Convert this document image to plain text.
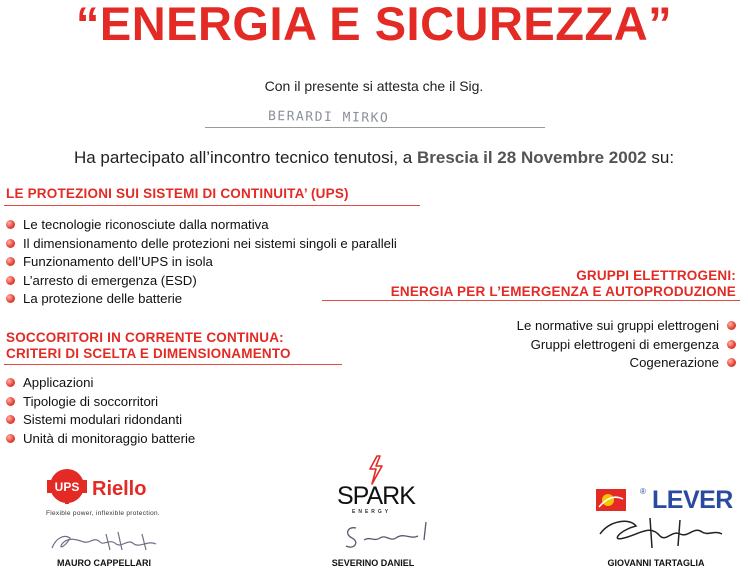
“ENERGIA E SICUREZZA”
Con il presente si attesta che il Sig.
BERARDI MIRKO
Ha partecipato all’incontro tecnico tenutosi, a Brescia il 28 Novembre 2002 su:
LE PROTEZIONI SUI SISTEMI DI CONTINUITA’ (UPS)
Le tecnologie riconosciute dalla normativa
Il dimensionamento delle protezioni nei sistemi singoli e paralleli
Funzionamento dell’UPS in isola
L’arresto di emergenza (ESD)
La protezione delle batterie
GRUPPI ELETTROGENI:
ENERGIA PER L’EMERGENZA E AUTOPRODUZIONE
Le normative sui gruppi elettrogeni
Gruppi elettrogeni di emergenza
Cogenerazione
SOCCORITORI IN CORRENTE CONTINUA:
CRITERI DI SCELTA E DIMENSIONAMENTO
Applicazioni
Tipologie di soccorritori
Sistemi modulari ridondanti
Unità di monitoraggio batterie
UPS Riello
Flexible power, inflexible protection.
SPARK
ENERGY
® LEVER
MAURO CAPPELLARI	SEVERINO DANIEL	GIOVANNI TARTAGLIA
